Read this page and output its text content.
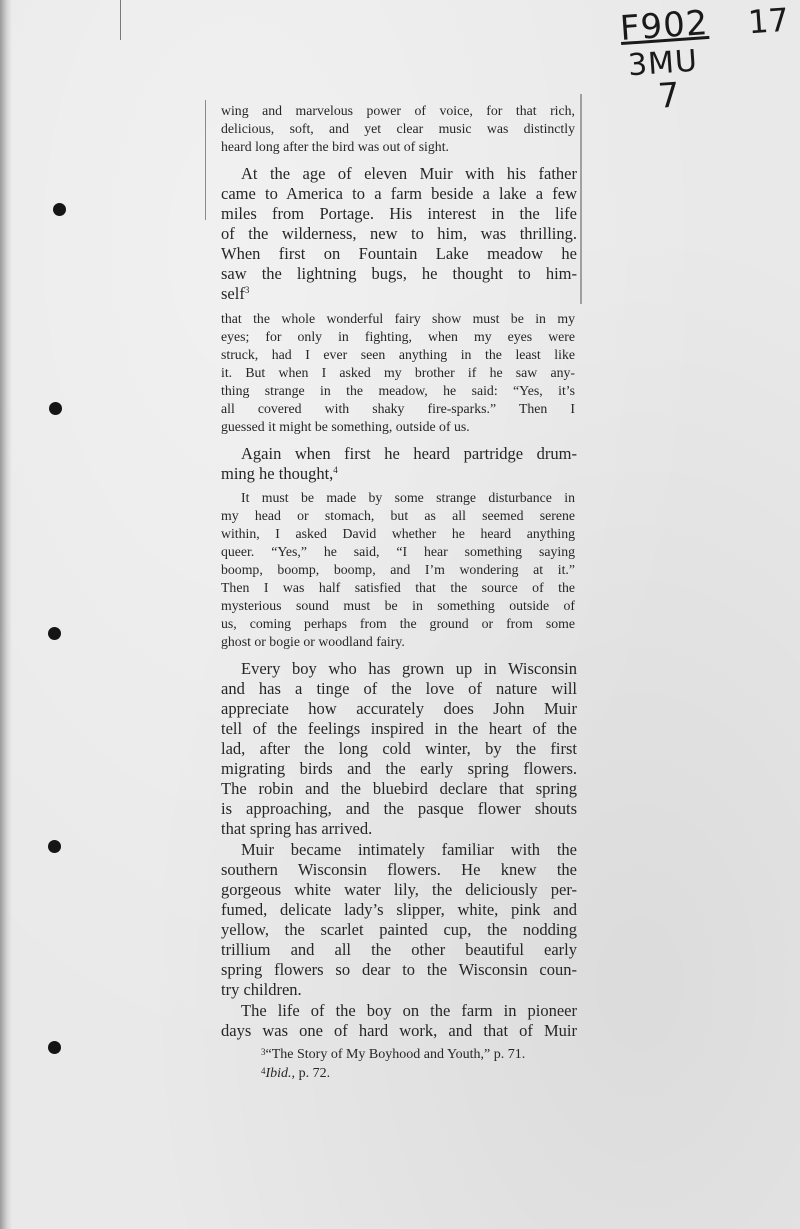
F902
3MU
7
17
wing and marvelous power of voice, for that rich,
delicious, soft, and yet clear music was distinctly
heard long after the bird was out of sight.
At the age of eleven Muir with his father
came to America to a farm beside a lake a few
miles from Portage. His interest in the life
of the wilderness, new to him, was thrilling.
When first on Fountain Lake meadow he
saw the lightning bugs, he thought to him-
self$^3$
that the whole wonderful fairy show must be in my
eyes; for only in fighting, when my eyes were
struck, had I ever seen anything in the least like
it. But when I asked my brother if he saw any-
thing strange in the meadow, he said: “Yes, it’s
all covered with shaky fire-sparks.” Then I
guessed it might be something, outside of us.
Again when first he heard partridge drum-
ming he thought,$^4$
It must be made by some strange disturbance in
my head or stomach, but as all seemed serene
within, I asked David whether he heard anything
queer. “Yes,” he said, “I hear something saying
boomp, boomp, boomp, and I’m wondering at it.”
Then I was half satisfied that the source of the
mysterious sound must be in something outside of
us, coming perhaps from the ground or from some
ghost or bogie or woodland fairy.
Every boy who has grown up in Wisconsin
and has a tinge of the love of nature will
appreciate how accurately does John Muir
tell of the feelings inspired in the heart of the
lad, after the long cold winter, by the first
migrating birds and the early spring flowers.
The robin and the bluebird declare that spring
is approaching, and the pasque flower shouts
that spring has arrived.
Muir became intimately familiar with the
southern Wisconsin flowers. He knew the
gorgeous white water lily, the deliciously per-
fumed, delicate lady’s slipper, white, pink and
yellow, the scarlet painted cup, the nodding
trillium and all the other beautiful early
spring flowers so dear to the Wisconsin coun-
try children.
The life of the boy on the farm in pioneer
days was one of hard work, and that of Muir
$^3$“The Story of My Boyhood and Youth,” p. 71.
$^4$Ibid., p. 72.
